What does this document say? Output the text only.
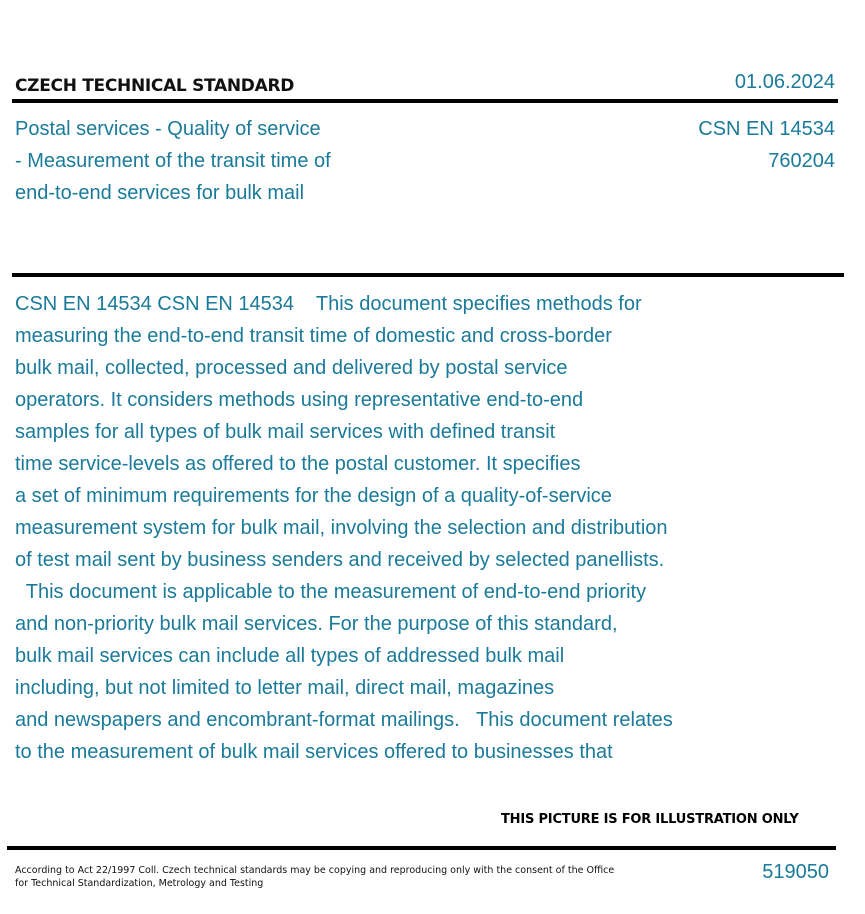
CZECH TECHNICAL STANDARD	01.06.2024
Postal services - Quality of service
- Measurement of the transit time of
end-to-end services for bulk mail
CSN EN 14534
760204
CSN EN 14534 CSN EN 14534    This document specifies methods for
measuring the end-to-end transit time of domestic and cross-border
bulk mail, collected, processed and delivered by postal service
operators. It considers methods using representative end-to-end
samples for all types of bulk mail services with defined transit
time service-levels as offered to the postal customer. It specifies
a set of minimum requirements for the design of a quality-of-service
measurement system for bulk mail, involving the selection and distribution
of test mail sent by business senders and received by selected panellists.
This document is applicable to the measurement of end-to-end priority
and non-priority bulk mail services. For the purpose of this standard,
bulk mail services can include all types of addressed bulk mail
including, but not limited to letter mail, direct mail, magazines
and newspapers and encombrant-format mailings.   This document relates
to the measurement of bulk mail services offered to businesses that
THIS PICTURE IS FOR ILLUSTRATION ONLY
According to Act 22/1997 Coll. Czech technical standards may be copying and reproducing only with the consent of the Office
for Technical Standardization, Metrology and Testing
519050
